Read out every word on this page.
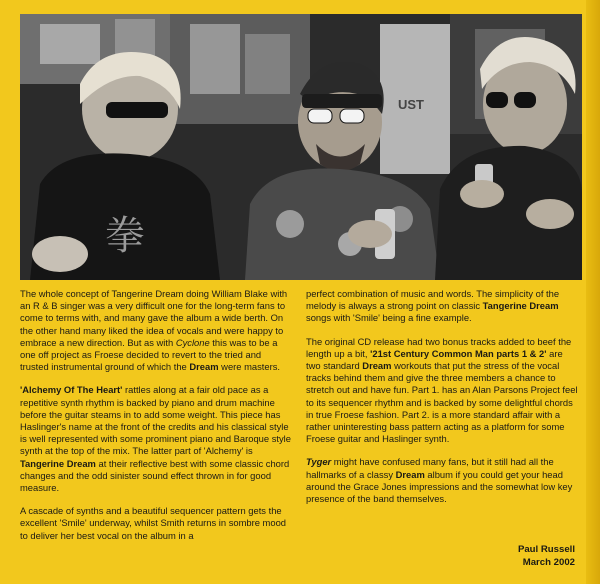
UST
拳

The whole concept of Tangerine Dream doing William Blake with an R & B singer was a very difficult one for the long-term fans to come to terms with, and many gave the album a wide berth. On the other hand many liked the idea of vocals and were happy to embrace a new direction. But as with Cyclone this was to be a one off project as Froese decided to revert to the tried and trusted instrumental ground of which the Dream were masters.

'Alchemy Of The Heart' rattles along at a fair old pace as a repetitive synth rhythm is backed by piano and drum machine before the guitar steams in to add some weight. This piece has Haslinger's name at the front of the credits and his classical style is well represented with some prominent piano and Baroque style synth at the top of the mix. The latter part of 'Alchemy' is Tangerine Dream at their reflective best with some classic chord changes and the odd sinister sound effect thrown in for good measure.

A cascade of synths and a beautiful sequencer pattern gets the excellent 'Smile' underway, whilst Smith returns in sombre mood to deliver her best vocal on the album in a

perfect combination of music and words. The simplicity of the melody is always a strong point on classic Tangerine Dream songs with 'Smile' being a fine example.

The original CD release had two bonus tracks added to beef the length up a bit, '21st Century Common Man parts 1 & 2' are two standard Dream workouts that put the stress of the vocal tracks behind them and give the three members a chance to stretch out and have fun. Part 1. has an Alan Parsons Project feel to its sequencer rhythm and is backed by some delightful chords in true Froese fashion. Part 2. is a more standard affair with a rather uninteresting bass pattern acting as a platform for some Froese guitar and Haslinger synth.

Tyger might have confused many fans, but it still had all the hallmarks of a classy Dream album if you could get your head around the Grace Jones impressions and the somewhat low key presence of the band themselves.

Paul Russell
March 2002
